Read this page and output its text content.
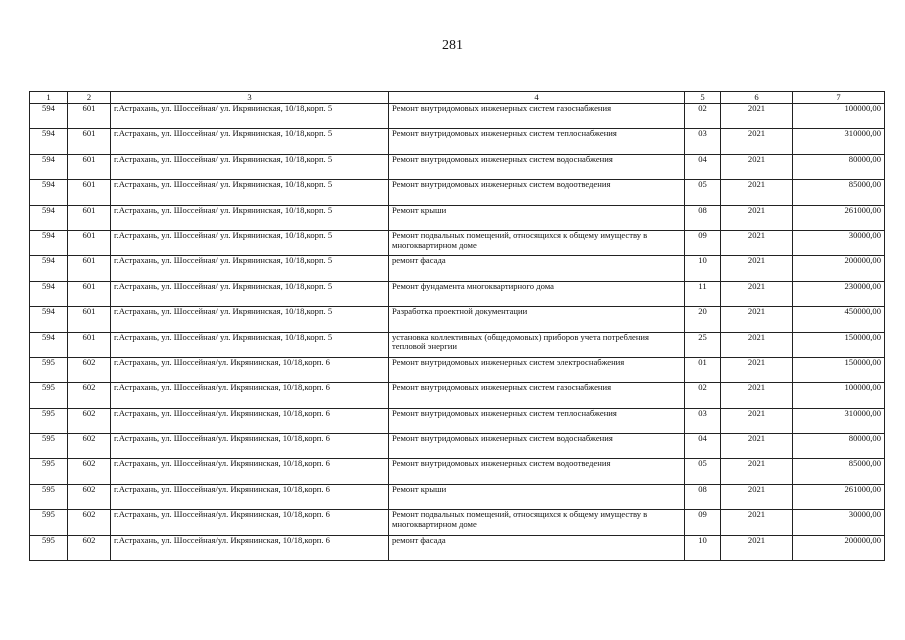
281
1	2	3	4	5	6	7
594	601	г.Астрахань, ул. Шоссейная/ ул. Икрянинская, 10/18,корп. 5	Ремонт внутридомовых инженерных систем газоснабжения	02	2021	100000,00
594	601	г.Астрахань, ул. Шоссейная/ ул. Икрянинская, 10/18,корп. 5	Ремонт внутридомовых инженерных систем теплоснабжения	03	2021	310000,00
594	601	г.Астрахань, ул. Шоссейная/ ул. Икрянинская, 10/18,корп. 5	Ремонт внутридомовых инженерных систем водоснабжения	04	2021	80000,00
594	601	г.Астрахань, ул. Шоссейная/ ул. Икрянинская, 10/18,корп. 5	Ремонт внутридомовых инженерных систем водоотведения	05	2021	85000,00
594	601	г.Астрахань, ул. Шоссейная/ ул. Икрянинская, 10/18,корп. 5	Ремонт крыши	08	2021	261000,00
594	601	г.Астрахань, ул. Шоссейная/ ул. Икрянинская, 10/18,корп. 5	Ремонт подвальных помещений, относящихся к общему имуществу в многоквартирном доме	09	2021	30000,00
594	601	г.Астрахань, ул. Шоссейная/ ул. Икрянинская, 10/18,корп. 5	ремонт фасада	10	2021	200000,00
594	601	г.Астрахань, ул. Шоссейная/ ул. Икрянинская, 10/18,корп. 5	Ремонт фундамента многоквартирного дома	11	2021	230000,00
594	601	г.Астрахань, ул. Шоссейная/ ул. Икрянинская, 10/18,корп. 5	Разработка проектной документации	20	2021	450000,00
594	601	г.Астрахань, ул. Шоссейная/ ул. Икрянинская, 10/18,корп. 5	установка коллективных (общедомовых) приборов учета потребления тепловой энергии	25	2021	150000,00
595	602	г.Астрахань, ул. Шоссейная/ул. Икрянинская, 10/18,корп. 6	Ремонт внутридомовых инженерных систем электроснабжения	01	2021	150000,00
595	602	г.Астрахань, ул. Шоссейная/ул. Икрянинская, 10/18,корп. 6	Ремонт внутридомовых инженерных систем газоснабжения	02	2021	100000,00
595	602	г.Астрахань, ул. Шоссейная/ул. Икрянинская, 10/18,корп. 6	Ремонт внутридомовых инженерных систем теплоснабжения	03	2021	310000,00
595	602	г.Астрахань, ул. Шоссейная/ул. Икрянинская, 10/18,корп. 6	Ремонт внутридомовых инженерных систем водоснабжения	04	2021	80000,00
595	602	г.Астрахань, ул. Шоссейная/ул. Икрянинская, 10/18,корп. 6	Ремонт внутридомовых инженерных систем водоотведения	05	2021	85000,00
595	602	г.Астрахань, ул. Шоссейная/ул. Икрянинская, 10/18,корп. 6	Ремонт крыши	08	2021	261000,00
595	602	г.Астрахань, ул. Шоссейная/ул. Икрянинская, 10/18,корп. 6	Ремонт подвальных помещений, относящихся к общему имуществу в многоквартирном доме	09	2021	30000,00
595	602	г.Астрахань, ул. Шоссейная/ул. Икрянинская, 10/18,корп. 6	ремонт фасада	10	2021	200000,00
